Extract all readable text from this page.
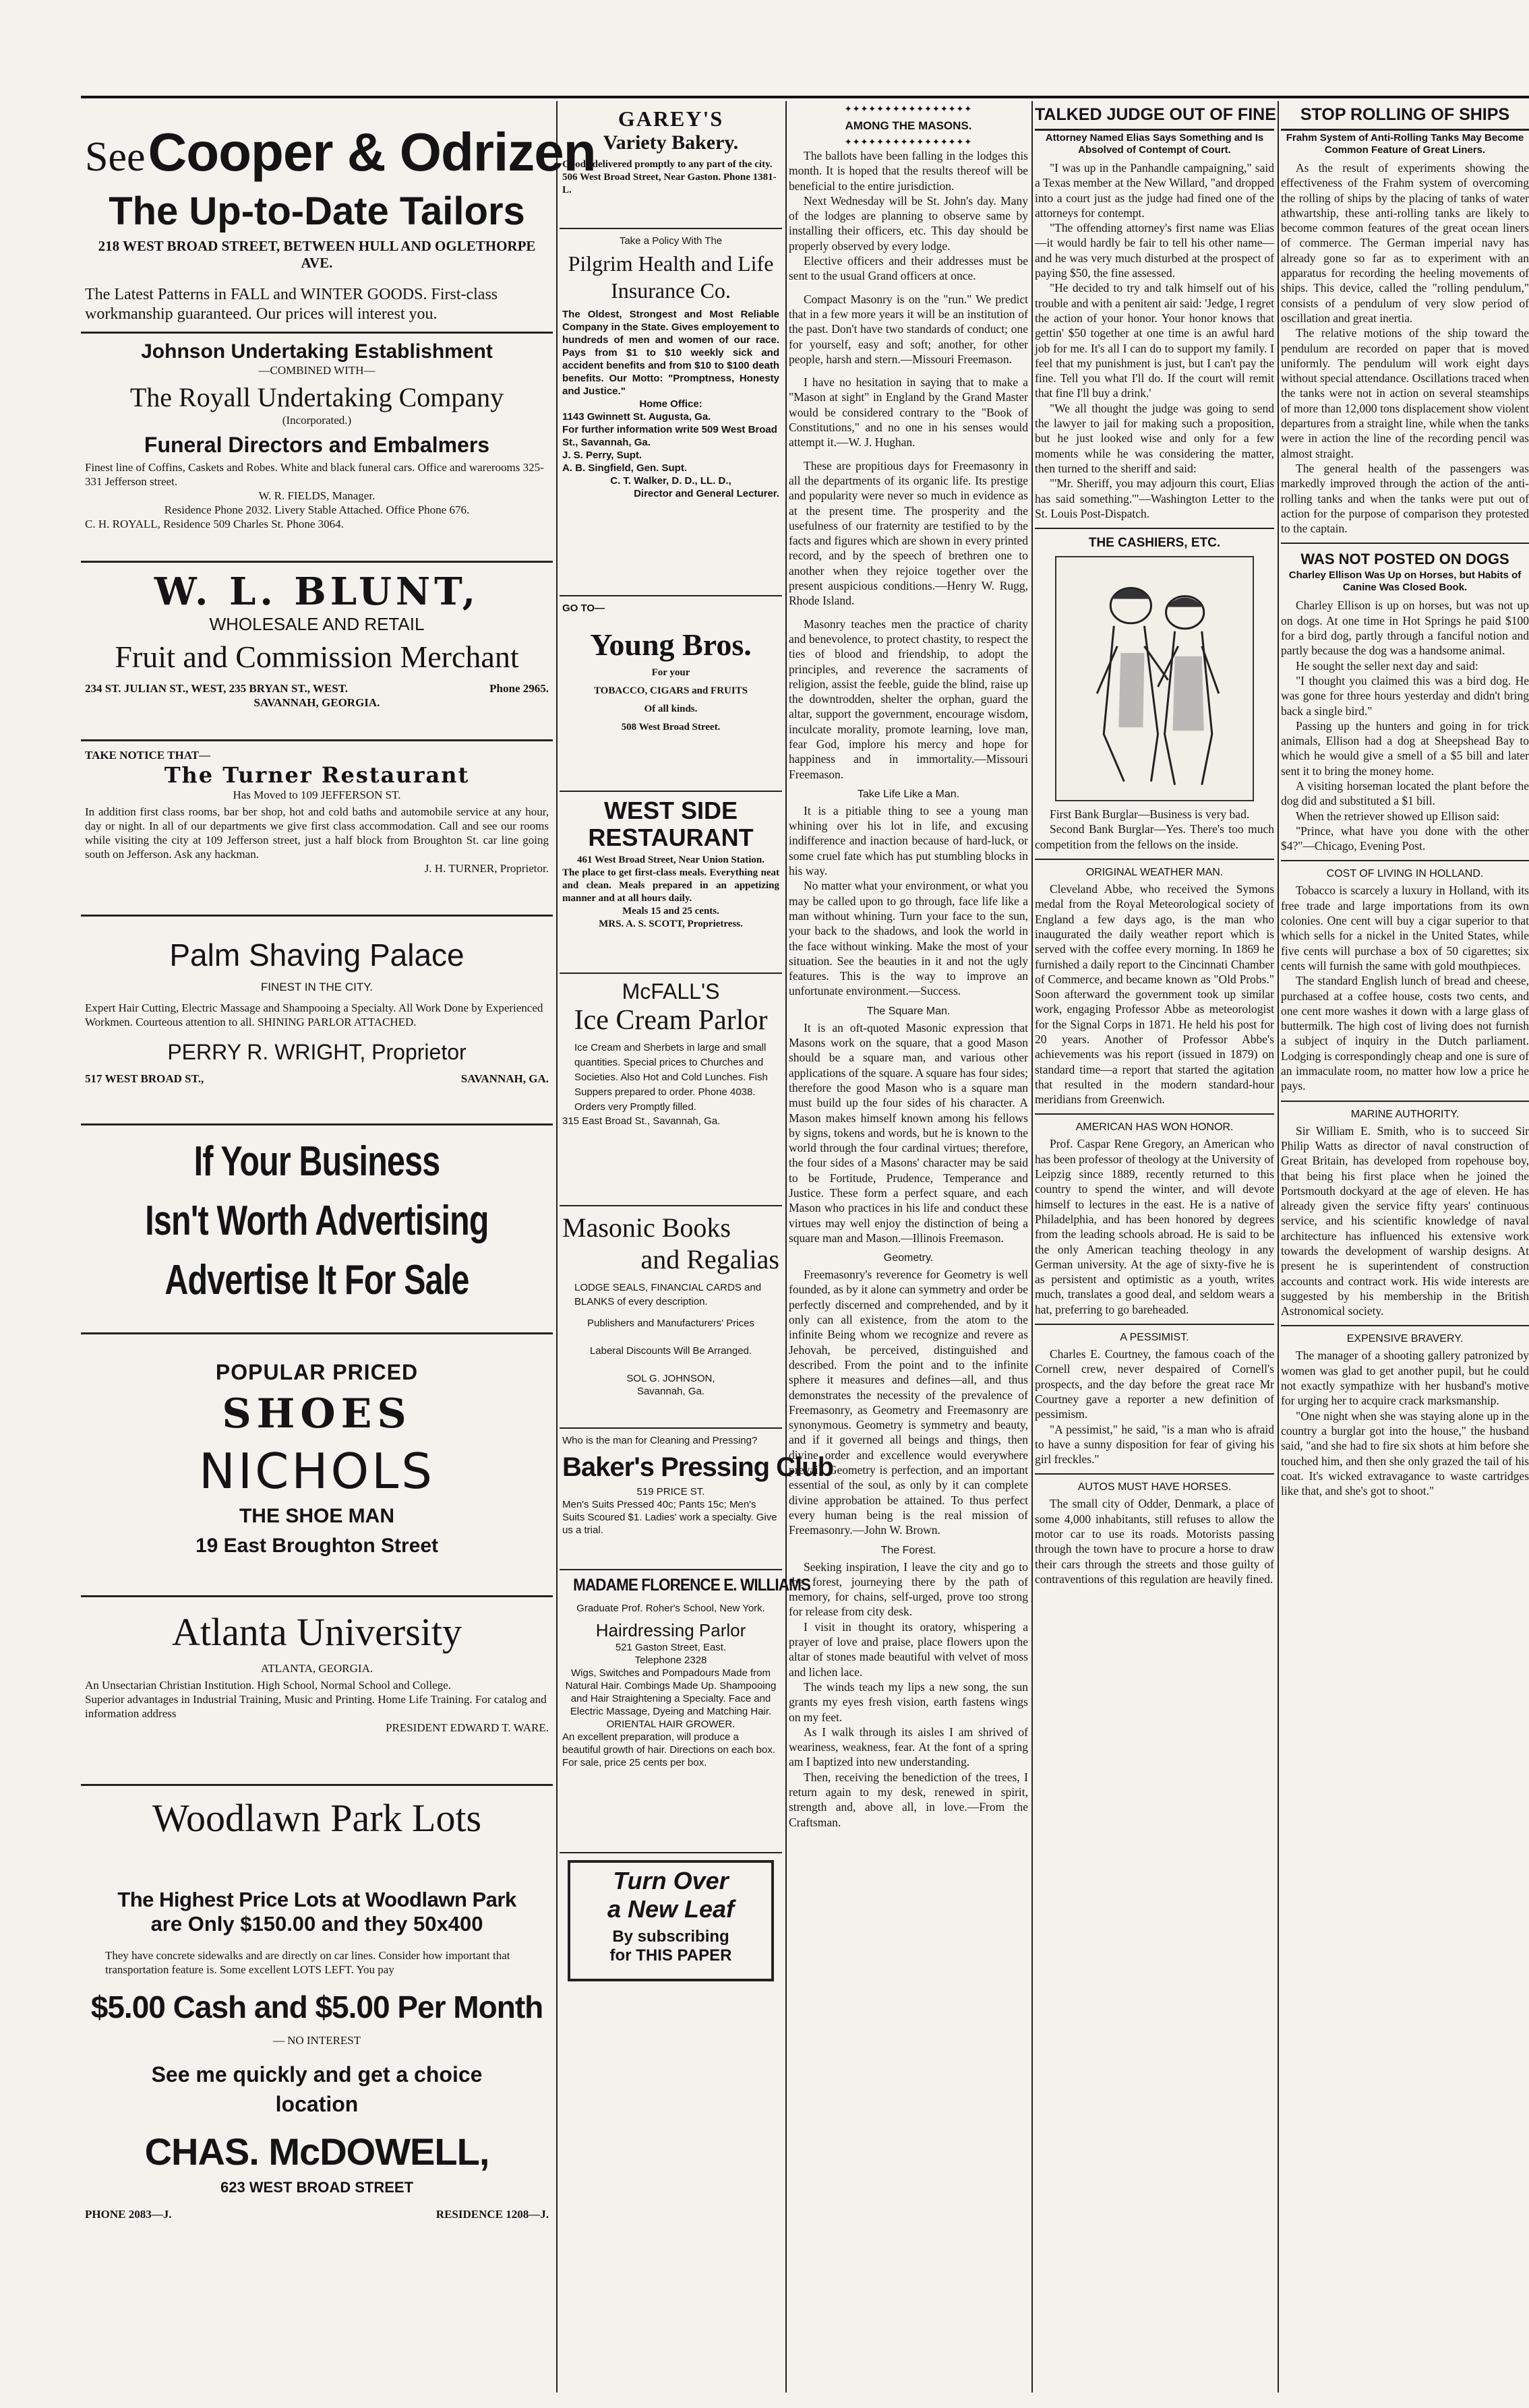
See Cooper & Odrizen
The Up-to-Date Tailors
218 WEST BROAD STREET, BETWEEN HULL AND OGLETHORPE AVE.
The Latest Patterns in FALL and WINTER GOODS. First-class workmanship guaranteed. Our prices will interest you.
Johnson Undertaking Establishment
—COMBINED WITH—
The Royall Undertaking Company
(Incorporated.)
Funeral Directors and Embalmers
Finest line of Coffins, Caskets and Robes. White and black funeral cars. Office and warerooms 325-331 Jefferson street.
W. R. FIELDS, Manager.
Residence Phone 2032. Livery Stable Attached. Office Phone 676.
C. H. ROYALL, Residence 509 Charles St. Phone 3064.
W. L. BLUNT,
WHOLESALE AND RETAIL
Fruit and Commission Merchant
234 ST. JULIAN ST., WEST, 235 BRYAN ST., WEST.	Phone 2965.
SAVANNAH, GEORGIA.
TAKE NOTICE THAT—
The Turner Restaurant
Has Moved to 109 JEFFERSON ST.
In addition first class rooms, bar ber shop, hot and cold baths and automobile service at any hour, day or night. In all of our departments we give first class accommodation. Call and see our rooms while visiting the city at 109 Jefferson street, just a half block from Broughton St. car line going south on Jefferson. Ask any hackman.
J. H. TURNER, Proprietor.
Palm Shaving Palace
FINEST IN THE CITY.
Expert Hair Cutting, Electric Massage and Shampooing a Specialty. All Work Done by Experienced Workmen. Courteous attention to all. SHINING PARLOR ATTACHED.
PERRY R. WRIGHT, Proprietor
517 WEST BROAD ST.,	SAVANNAH, GA.
If Your Business
Isn't Worth Advertising
Advertise It For Sale
POPULAR PRICED
SHOES
NICHOLS
THE SHOE MAN
19 East Broughton Street
Atlanta University
ATLANTA, GEORGIA.
An Unsectarian Christian Institution. High School, Normal School and College.
Superior advantages in Industrial Training, Music and Printing. Home Life Training. For catalog and information address
PRESIDENT EDWARD T. WARE.
Woodlawn Park Lots
The Highest Price Lots at Woodlawn Park
are Only $150.00 and they 50x400
They have concrete sidewalks and are directly on car lines. Consider how important that transportation feature is. Some excellent LOTS LEFT. You pay
$5.00 Cash and $5.00 Per Month
— NO INTEREST
See me quickly and get a choice location
CHAS. McDOWELL,
623 WEST BROAD STREET
PHONE 2083—J.	RESIDENCE 1208—J.
GAREY'S
Variety Bakery.
Goods delivered promptly to any part of the city. 506 West Broad Street, Near Gaston. Phone 1381-L.
Take a Policy With The
Pilgrim Health and Life Insurance Co.
The Oldest, Strongest and Most Reliable Company in the State. Gives employement to hundreds of men and women of our race. Pays from $1 to $10 weekly sick and accident benefits and from $10 to $100 death benefits. Our Motto: "Promptness, Honesty and Justice."
Home Office:
1143 Gwinnett St. Augusta, Ga.
For further information write 509 West Broad St., Savannah, Ga.
J. S. Perry, Supt.
A. B. Singfield, Gen. Supt.
C. T. Walker, D. D., LL. D.,
Director and General Lecturer.
GO TO—
Young Bros.
For your
TOBACCO, CIGARS and FRUITS
Of all kinds.
508 West Broad Street.
WEST SIDE RESTAURANT
461 West Broad Street, Near Union Station.
The place to get first-class meals. Everything neat and clean. Meals prepared in an appetizing manner and at all hours daily.
Meals 15 and 25 cents.
MRS. A. S. SCOTT, Proprietress.
McFALL'S
Ice Cream Parlor
Ice Cream and Sherbets in large and small quantities. Special prices to Churches and Societies. Also Hot and Cold Lunches. Fish Suppers prepared to order. Phone 4038. Orders very Promptly filled.
315 East Broad St., Savannah, Ga.
Masonic Books
and Regalias
LODGE SEALS, FINANCIAL CARDS and BLANKS of every description.
Publishers and Manufacturers' Prices
Laberal Discounts Will Be Arranged.
SOL G. JOHNSON,
Savannah, Ga.
Who is the man for Cleaning and Pressing?
Baker's Pressing Club
519 PRICE ST.
Men's Suits Pressed 40c; Pants 15c; Men's Suits Scoured $1. Ladies' work a specialty. Give us a trial.
MADAME FLORENCE E. WILLIAMS
Graduate Prof. Roher's School, New York.
Hairdressing Parlor
521 Gaston Street, East.
Telephone 2328
Wigs, Switches and Pompadours Made from Natural Hair. Combings Made Up. Shampooing and Hair Straightening a Specialty. Face and Electric Massage, Dyeing and Matching Hair.
ORIENTAL HAIR GROWER.
An excellent preparation, will produce a beautiful growth of hair. Directions on each box. For sale, price 25 cents per box.
Turn Over
a New Leaf
By subscribing
for THIS PAPER
✦✦✦✦✦✦✦✦✦✦✦✦✦✦✦✦
AMONG THE MASONS.
✦✦✦✦✦✦✦✦✦✦✦✦✦✦✦✦

The ballots have been falling in the lodges this month. It is hoped that the results thereof will be beneficial to the entire jurisdiction.

Next Wednesday will be St. John's day. Many of the lodges are planning to observe same by installing their officers, etc. This day should be properly observed by every lodge.

Elective officers and their addresses must be sent to the usual Grand officers at once.

Compact Masonry is on the "run." We predict that in a few more years it will be an institution of the past. Don't have two standards of conduct; one for yourself, easy and soft; another, for other people, harsh and stern.—Missouri Freemason.

I have no hesitation in saying that to make a "Mason at sight" in England by the Grand Master would be considered contrary to the "Book of Constitutions," and no one in his senses would attempt it.—W. J. Hughan.

These are propitious days for Freemasonry in all the departments of its organic life. Its prestige and popularity were never so much in evidence as at the present time. The prosperity and the usefulness of our fraternity are testified to by the facts and figures which are shown in every printed record, and by the speech of brethren one to another when they rejoice together over the present auspicious conditions.—Henry W. Rugg, Rhode Island.

Masonry teaches men the practice of charity and benevolence, to protect chastity, to respect the ties of blood and friendship, to adopt the principles, and reverence the sacraments of religion, assist the feeble, guide the blind, raise up the downtrodden, shelter the orphan, guard the altar, support the government, encourage wisdom, inculcate morality, promote learning, love man, fear God, implore his mercy and hope for happiness and in immortality.—Missouri Freemason.

Take Life Like a Man.

It is a pitiable thing to see a young man whining over his lot in life, and excusing indifference and inaction because of hard-luck, or some cruel fate which has put stumbling blocks in his way.

No matter what your environment, or what you may be called upon to go through, face life like a man without whining. Turn your face to the sun, your back to the shadows, and look the world in the face without winking. Make the most of your situation. See the beauties in it and not the ugly features. This is the way to improve an unfortunate environment.—Success.

The Square Man.

It is an oft-quoted Masonic expression that Masons work on the square, that a good Mason should be a square man, and various other applications of the square. A square has four sides; therefore the good Mason who is a square man must build up the four sides of his character. A Mason makes himself known among his fellows by signs, tokens and words, but he is known to the world through the four cardinal virtues; therefore, the four sides of a Masons' character may be said to be Fortitude, Prudence, Temperance and Justice. These form a perfect square, and each Mason who practices in his life and conduct these virtues may well enjoy the distinction of being a square man and Mason.—Illinois Freemason.

Geometry.

Freemasonry's reverence for Geometry is well founded, as by it alone can symmetry and order be perfectly discerned and comprehended, and by it only can all existence, from the atom to the infinite Being whom we recognize and revere as Jehovah, be perceived, distinguished and described. From the point and to the infinite sphere it measures and defines—all, and thus demonstrates the necessity of the prevalence of Freemasonry, as Geometry and Freemasonry are synonymous. Geometry is symmetry and beauty, and if it governed all beings and things, then divine order and excellence would everywhere prevail. Geometry is perfection, and an important essential of the soul, as only by it can complete divine approbation be attained. To thus perfect every human being is the real mission of Freemasonry.—John W. Brown.

The Forest.

Seeking inspiration, I leave the city and go to the forest, journeying there by the path of memory, for chains, self-urged, prove too strong for release from city desk.

I visit in thought its oratory, whispering a prayer of love and praise, place flowers upon the altar of stones made beautiful with velvet of moss and lichen lace.

The winds teach my lips a new song, the sun grants my eyes fresh vision, earth fastens wings on my feet.

As I walk through its aisles I am shrived of weariness, weakness, fear. At the font of a spring am I baptized into new understanding.

Then, receiving the benediction of the trees, I return again to my desk, renewed in spirit, strength and, above all, in love.—From the Craftsman.

TALKED JUDGE OUT OF FINE
Attorney Named Elias Says Something and Is Absolved of Contempt of Court.

"I was up in the Panhandle campaigning," said a Texas member at the New Willard, "and dropped into a court just as the judge had fined one of the attorneys for contempt.

"The offending attorney's first name was Elias—it would hardly be fair to tell his other name—and he was very much disturbed at the prospect of paying $50, the fine assessed.

"He decided to try and talk himself out of his trouble and with a penitent air said: 'Jedge, I regret the action of your honor. Your honor knows that gettin' $50 together at one time is an awful hard job for me. It's all I can do to support my family. I feel that my punishment is just, but I can't pay the fine. Tell you what I'll do. If the court will remit that fine I'll buy a drink.'

"We all thought the judge was going to send the lawyer to jail for making such a proposition, but he just looked wise and only for a few moments while he was considering the matter, then turned to the sheriff and said:

"'Mr. Sheriff, you may adjourn this court, Elias has said something.'"—Washington Letter to the St. Louis Post-Dispatch.

THE CASHIERS, ETC.

First Bank Burglar—Business is very bad.

Second Bank Burglar—Yes. There's too much competition from the fellows on the inside.

ORIGINAL WEATHER MAN.

Cleveland Abbe, who received the Symons medal from the Royal Meteorological society of England a few days ago, is the man who inaugurated the daily weather report which is served with the coffee every morning. In 1869 he furnished a daily report to the Cincinnati Chamber of Commerce, and became known as "Old Probs." Soon afterward the government took up similar work, engaging Professor Abbe as meteorologist for the Signal Corps in 1871. He held his post for 20 years. Another of Professor Abbe's achievements was his report (issued in 1879) on standard time—a report that started the agitation that resulted in the modern standard-hour meridians from Greenwich.

AMERICAN HAS WON HONOR.

Prof. Caspar Rene Gregory, an American who has been professor of theology at the University of Leipzig since 1889, recently returned to this country to spend the winter, and will devote himself to lectures in the east. He is a native of Philadelphia, and has been honored by degrees from the leading schools abroad. He is said to be the only American teaching theology in any German university. At the age of sixty-five he is as persistent and optimistic as a youth, writes much, translates a good deal, and seldom wears a hat, preferring to go bareheaded.

A PESSIMIST.

Charles E. Courtney, the famous coach of the Cornell crew, never despaired of Cornell's prospects, and the day before the great race Mr Courtney gave a reporter a new definition of pessimism.

"A pessimist," he said, "is a man who is afraid to have a sunny disposition for fear of giving his girl freckles."

AUTOS MUST HAVE HORSES.

The small city of Odder, Denmark, a place of some 4,000 inhabitants, still refuses to allow the motor car to use its roads. Motorists passing through the town have to procure a horse to draw their cars through the streets and those guilty of contraventions of this regulation are heavily fined.

STOP ROLLING OF SHIPS
Frahm System of Anti-Rolling Tanks May Become Common Feature of Great Liners.

As the result of experiments showing the effectiveness of the Frahm system of overcoming the rolling of ships by the placing of tanks of water athwartship, these anti-rolling tanks are likely to become common features of the great ocean liners of commerce. The German imperial navy has already gone so far as to experiment with an apparatus for recording the heeling movements of ships. This device, called the "rolling pendulum," consists of a pendulum of very slow period of oscillation and great inertia.

The relative motions of the ship toward the pendulum are recorded on paper that is moved uniformly. The pendulum will work eight days without special attendance. Oscillations traced when the tanks were not in action on several steamships of more than 12,000 tons displacement show violent departures from a straight line, while when the tanks were in action the line of the recording pencil was almost straight.

The general health of the passengers was markedly improved through the action of the anti-rolling tanks and when the tanks were put out of action for the purpose of comparison they protested to the captain.

WAS NOT POSTED ON DOGS
Charley Ellison Was Up on Horses, but Habits of Canine Was Closed Book.

Charley Ellison is up on horses, but was not up on dogs. At one time in Hot Springs he paid $100 for a bird dog, partly through a fanciful notion and partly because the dog was a handsome animal.

He sought the seller next day and said:

"I thought you claimed this was a bird dog. He was gone for three hours yesterday and didn't bring back a single bird."

Passing up the hunters and going in for trick animals, Ellison had a dog at Sheepshead Bay to which he would give a smell of a $5 bill and later sent it to bring the money home.

A visiting horseman located the plant before the dog did and substituted a $1 bill.

When the retriever showed up Ellison said:

"Prince, what have you done with the other $4?"—Chicago, Evening Post.

COST OF LIVING IN HOLLAND.

Tobacco is scarcely a luxury in Holland, with its free trade and large importations from its own colonies. One cent will buy a cigar superior to that which sells for a nickel in the United States, while five cents will purchase a box of 50 cigarettes; six cents will furnish the same with gold mouthpieces.

The standard English lunch of bread and cheese, purchased at a coffee house, costs two cents, and one cent more washes it down with a large glass of buttermilk. The high cost of living does not furnish a subject of inquiry in the Dutch parliament. Lodging is correspondingly cheap and one is sure of an immaculate room, no matter how low a price he pays.

MARINE AUTHORITY.

Sir William E. Smith, who is to succeed Sir Philip Watts as director of naval construction of Great Britain, has developed from ropehouse boy, that being his first place when he joined the Portsmouth dockyard at the age of eleven. He has already given the service fifty years' continuous service, and his scientific knowledge of naval architecture has influenced his extensive work towards the development of warship designs. At present he is superintendent of construction accounts and contract work. His wide interests are suggested by his membership in the British Astronomical society.

EXPENSIVE BRAVERY.

The manager of a shooting gallery patronized by women was glad to get another pupil, but he could not exactly sympathize with her husband's motive for urging her to acquire crack marksmanship.

"One night when she was staying alone up in the country a burglar got into the house," the husband said, "and she had to fire six shots at him before she touched him, and then she only grazed the tail of his coat. It's wicked extravagance to waste cartridges like that, and she's got to shoot."
